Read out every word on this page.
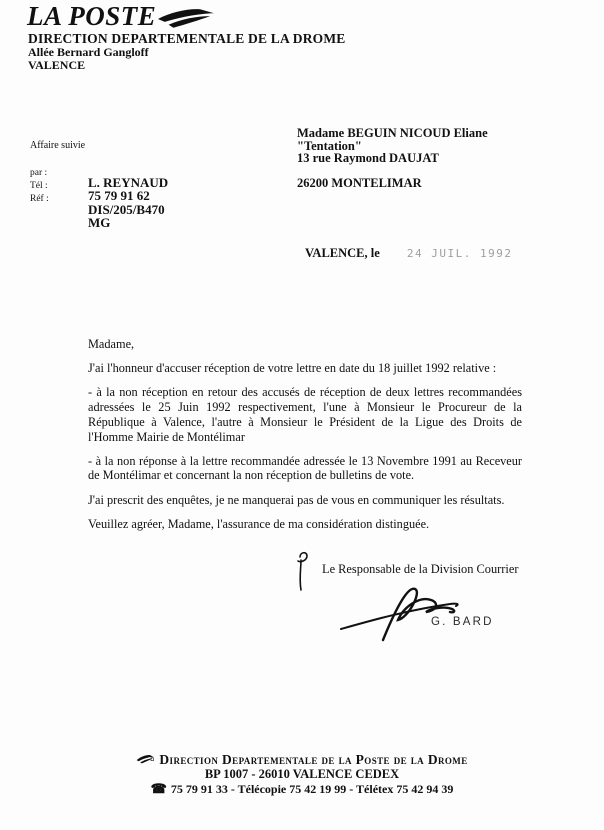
LA POSTE
DIRECTION DEPARTEMENTALE DE LA DROME
Allée Bernard Gangloff
VALENCE
Affaire suivie
par :
Tél :
Réf :
L. REYNAUD
75 79 91 62
DIS/205/B470
MG
Madame BEGUIN NICOUD Eliane
"Tentation"
13 rue Raymond DAUJAT
26200 MONTELIMAR
VALENCE, le 24 JUIL. 1992

Madame,

J'ai l'honneur d'accuser réception de votre lettre en date du 18 juillet 1992 relative :

- à la non réception en retour des accusés de réception de deux lettres recommandées adressées le 25 Juin 1992 respectivement, l'une à Monsieur le Procureur de la République à Valence, l'autre à Monsieur le Président de la Ligue des Droits de l'Homme Mairie de Montélimar

- à la non réponse à la lettre recommandée adressée le 13 Novembre 1991 au Receveur de Montélimar et concernant la non réception de bulletins de vote.

J'ai prescrit des enquêtes, je ne manquerai pas de vous en communiquer les résultats.

Veuillez agréer, Madame, l'assurance de ma considération distinguée.

Le Responsable de la Division Courrier
G. BARD
Direction Departementale de la Poste de la Drome
BP 1007 - 26010 VALENCE CEDEX
☎ 75 79 91 33 - Télécopie 75 42 19 99 - Télétex 75 42 94 39
